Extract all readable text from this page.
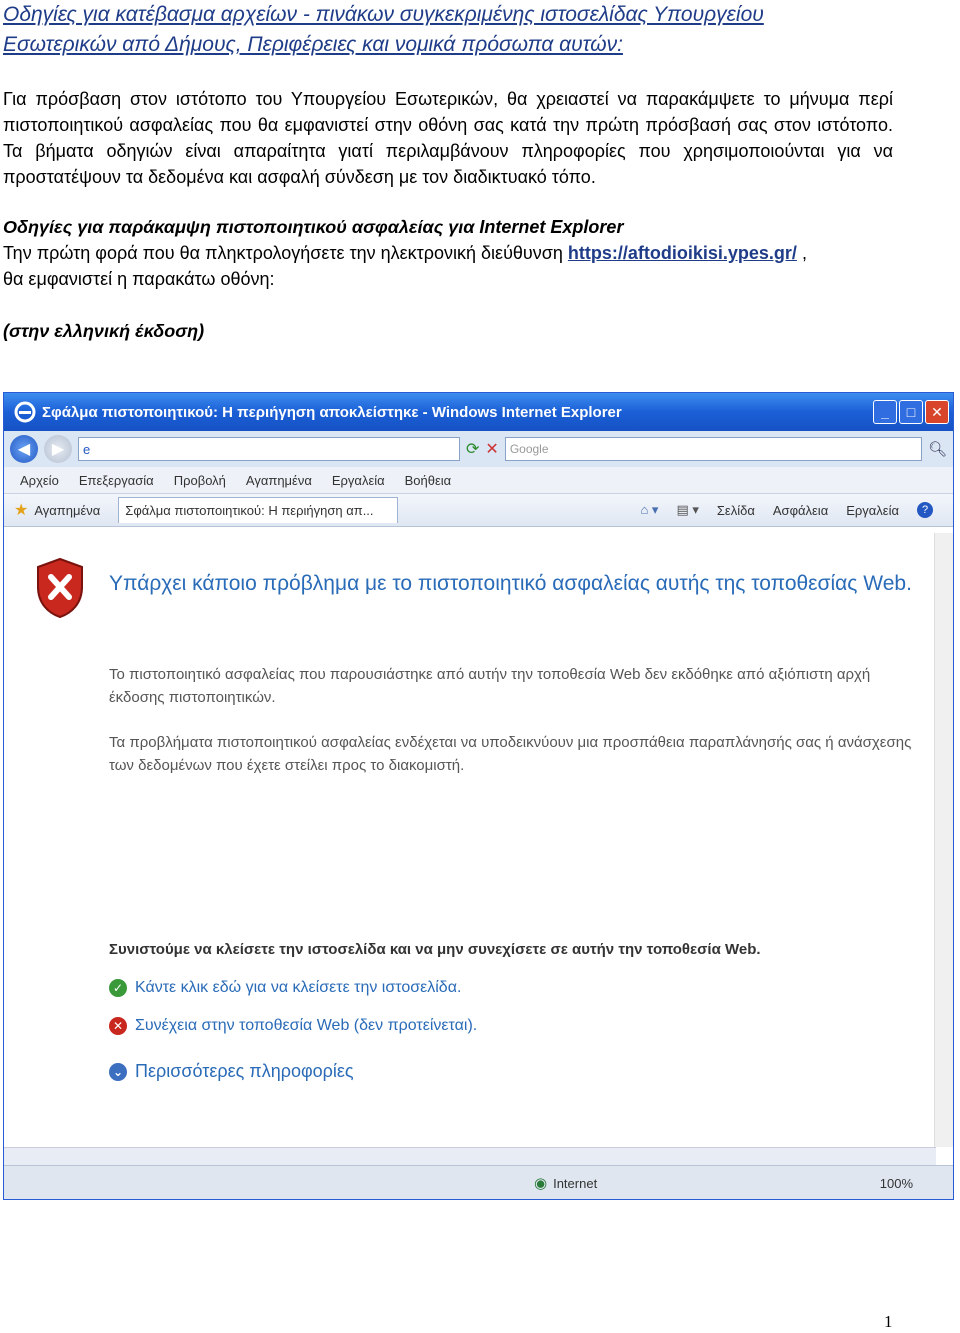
Οδηγίες για κατέβασμα αρχείων - πινάκων συγκεκριμένης ιστοσελίδας Υπουργείου
Εσωτερικών από Δήμους, Περιφέρειες και νομικά πρόσωπα αυτών:

Για πρόσβαση στον ιστότοπο του Υπουργείου Εσωτερικών, θα χρειαστεί να παρακάμψετε το μήνυμα περί πιστοποιητικού ασφαλείας που θα εμφανιστεί στην οθόνη σας κατά την πρώτη πρόσβασή σας στον ιστότοπο. Τα βήματα οδηγιών είναι απαραίτητα γιατί περιλαμβάνουν πληροφορίες που χρησιμοποιούνται για να προστατέψουν τα δεδομένα και ασφαλή σύνδεση με τον διαδικτυακό τόπο.

Οδηγίες για παράκαμψη πιστοποιητικού ασφαλείας για Internet Explorer

Την πρώτη φορά που θα πληκτρολογήσετε την ηλεκτρονική διεύθυνση https://aftodioikisi.ypes.gr/ ,
θα εμφανιστεί η παρακάτω οθόνη:

(στην ελληνική έκδοση)

Σφάλμα πιστοποιητικού: Η περιήγηση αποκλείστηκε - Windows Internet Explorer	_	□	✕
◀	▶	e	⟳ ✕ Google	🔍︎
Αρχείο Επεξεργασία Προβολή Αγαπημένα Εργαλεία Βοήθεια
★ Αγαπημένα Σφάλμα πιστοποιητικού: Η περιήγηση απ...	⌂ ▾ ▤ ▾ Σελίδα Ασφάλεια Εργαλεία	?
Υπάρχει κάποιο πρόβλημα με το πιστοποιητικό ασφαλείας αυτής της τοποθεσίας Web.
Το πιστοποιητικό ασφαλείας που παρουσιάστηκε από αυτήν την τοποθεσία Web δεν εκδόθηκε από αξιόπιστη αρχή έκδοσης πιστοποιητικών.
Τα προβλήματα πιστοποιητικού ασφαλείας ενδέχεται να υποδεικνύουν μια προσπάθεια παραπλάνησής σας ή ανάσχεσης των δεδομένων που έχετε στείλει προς το διακομιστή.
Συνιστούμε να κλείσετε την ιστοσελίδα και να μην συνεχίσετε σε αυτήν την τοποθεσία Web.
✓ Κάντε κλικ εδώ για να κλείσετε την ιστοσελίδα.
✕ Συνέχεια στην τοποθεσία Web (δεν προτείνεται).
⌄ Περισσότερες πληροφορίες
◉ Internet	100%
1
